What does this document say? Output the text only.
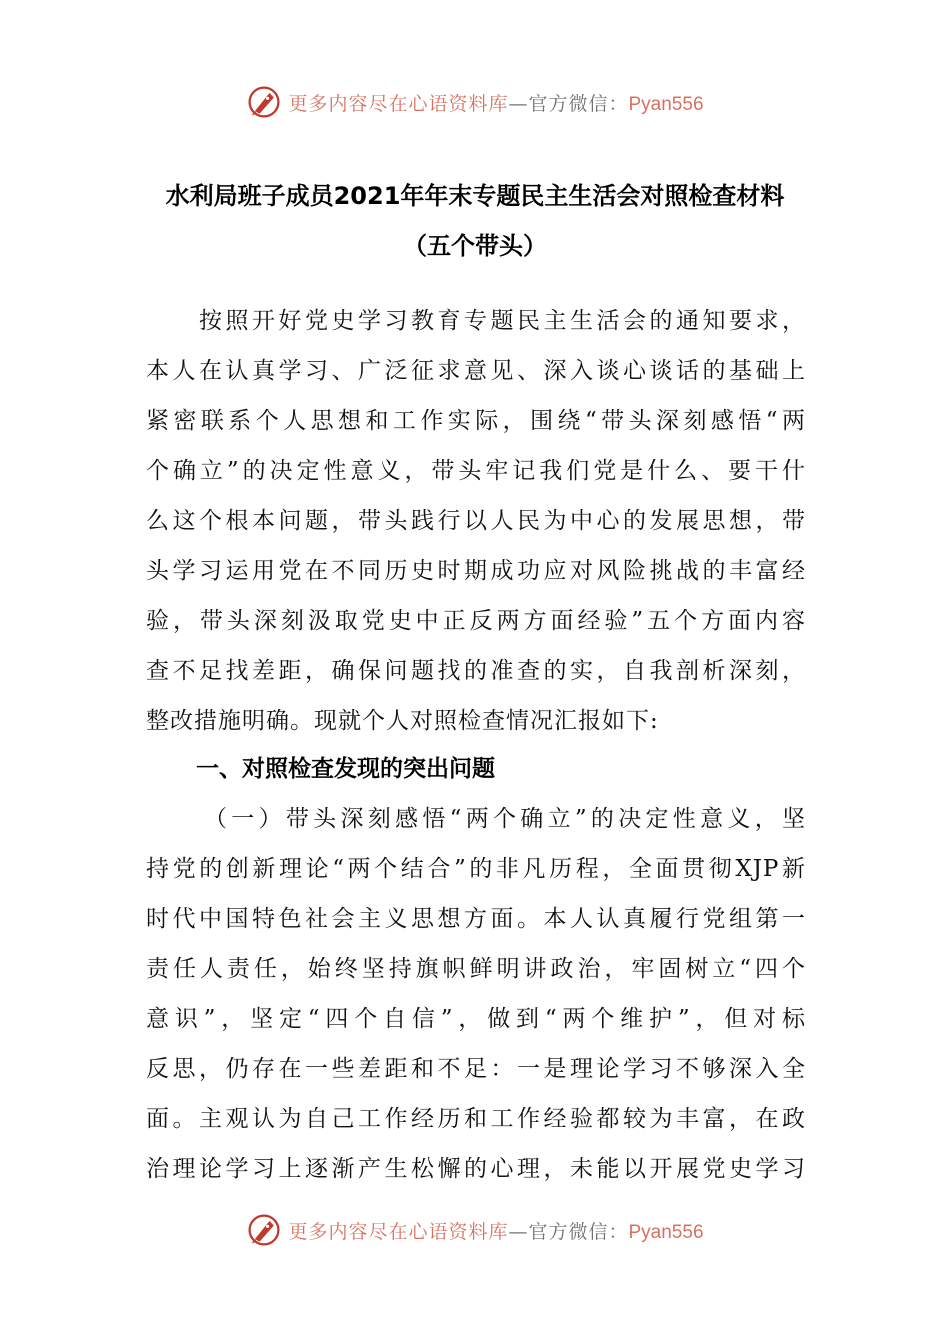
更多内容尽在心语资料库 — 官方微信： Pyan556
水利局班子成员2021年年末专题民主生活会对照检查材料
（五个带头）
　　按照开好党史学习教育专题民主生活会的通知要求，
本人在认真学习、广泛征求意见、深入谈心谈话的基础上
紧密联系个人思想和工作实际，围绕“带头深刻感悟“两
个确立”的决定性意义，带头牢记我们党是什么、要干什
么这个根本问题，带头践行以人民为中心的发展思想，带
头学习运用党在不同历史时期成功应对风险挑战的丰富经
验，带头深刻汲取党史中正反两方面经验”五个方面内容
查不足找差距，确保问题找的准查的实，自我剖析深刻，
整改措施明确。现就个人对照检查情况汇报如下:
一、对照检查发现的突出问题
（一）带头深刻感悟“两个确立”的决定性意义，坚
持党的创新理论“两个结合”的非凡历程，全面贯彻XJP新
时代中国特色社会主义思想方面。本人认真履行党组第一
责任人责任，始终坚持旗帜鲜明讲政治，牢固树立“四个
意识”，坚定“四个自信”，做到“两个维护”，但对标
反思，仍存在一些差距和不足：一是理论学习不够深入全
面。主观认为自己工作经历和工作经验都较为丰富，在政
治理论学习上逐渐产生松懈的心理，未能以开展党史学习
更多内容尽在心语资料库 — 官方微信： Pyan556
